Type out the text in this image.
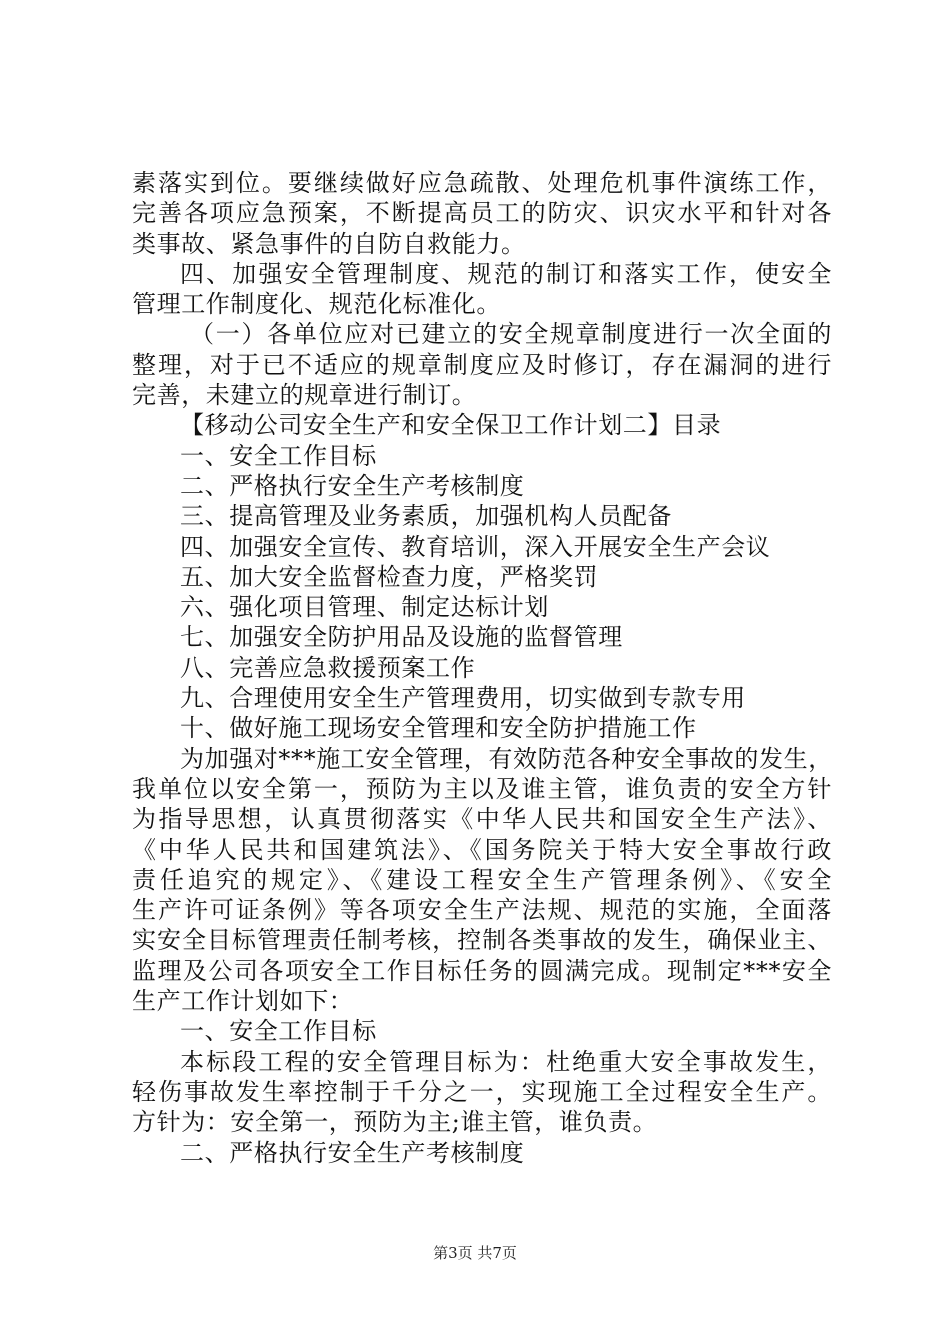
素落实到位。要继续做好应急疏散、处理危机事件演练工作，
完善各项应急预案，不断提高员工的防灾、识灾水平和针对各
类事故、紧急事件的自防自救能力。
四、加强安全管理制度、规范的制订和落实工作，使安全
管理工作制度化、规范化标准化。
（一）各单位应对已建立的安全规章制度进行一次全面的
整理，对于已不适应的规章制度应及时修订，存在漏洞的进行
完善，未建立的规章进行制订。
【移动公司安全生产和安全保卫工作计划二】目录
一、安全工作目标
二、严格执行安全生产考核制度
三、提高管理及业务素质，加强机构人员配备
四、加强安全宣传、教育培训，深入开展安全生产会议
五、加大安全监督检查力度，严格奖罚
六、强化项目管理、制定达标计划
七、加强安全防护用品及设施的监督管理
八、完善应急救援预案工作
九、合理使用安全生产管理费用，切实做到专款专用
十、做好施工现场安全管理和安全防护措施工作
为加强对***施工安全管理，有效防范各种安全事故的发生，
我单位以安全第一，预防为主以及谁主管，谁负责的安全方针
为指导思想，认真贯彻落实《中华人民共和国安全生产法》、
《中华人民共和国建筑法》、《国务院关于特大安全事故行政
责任追究的规定》、《建设工程安全生产管理条例》、《安全
生产许可证条例》等各项安全生产法规、规范的实施，全面落
实安全目标管理责任制考核，控制各类事故的发生，确保业主、
监理及公司各项安全工作目标任务的圆满完成。现制定***安全
生产工作计划如下：
一、安全工作目标
本标段工程的安全管理目标为：杜绝重大安全事故发生，
轻伤事故发生率控制于千分之一，实现施工全过程安全生产。
方针为：安全第一，预防为主;谁主管，谁负责。
二、严格执行安全生产考核制度
第3页 共7页
